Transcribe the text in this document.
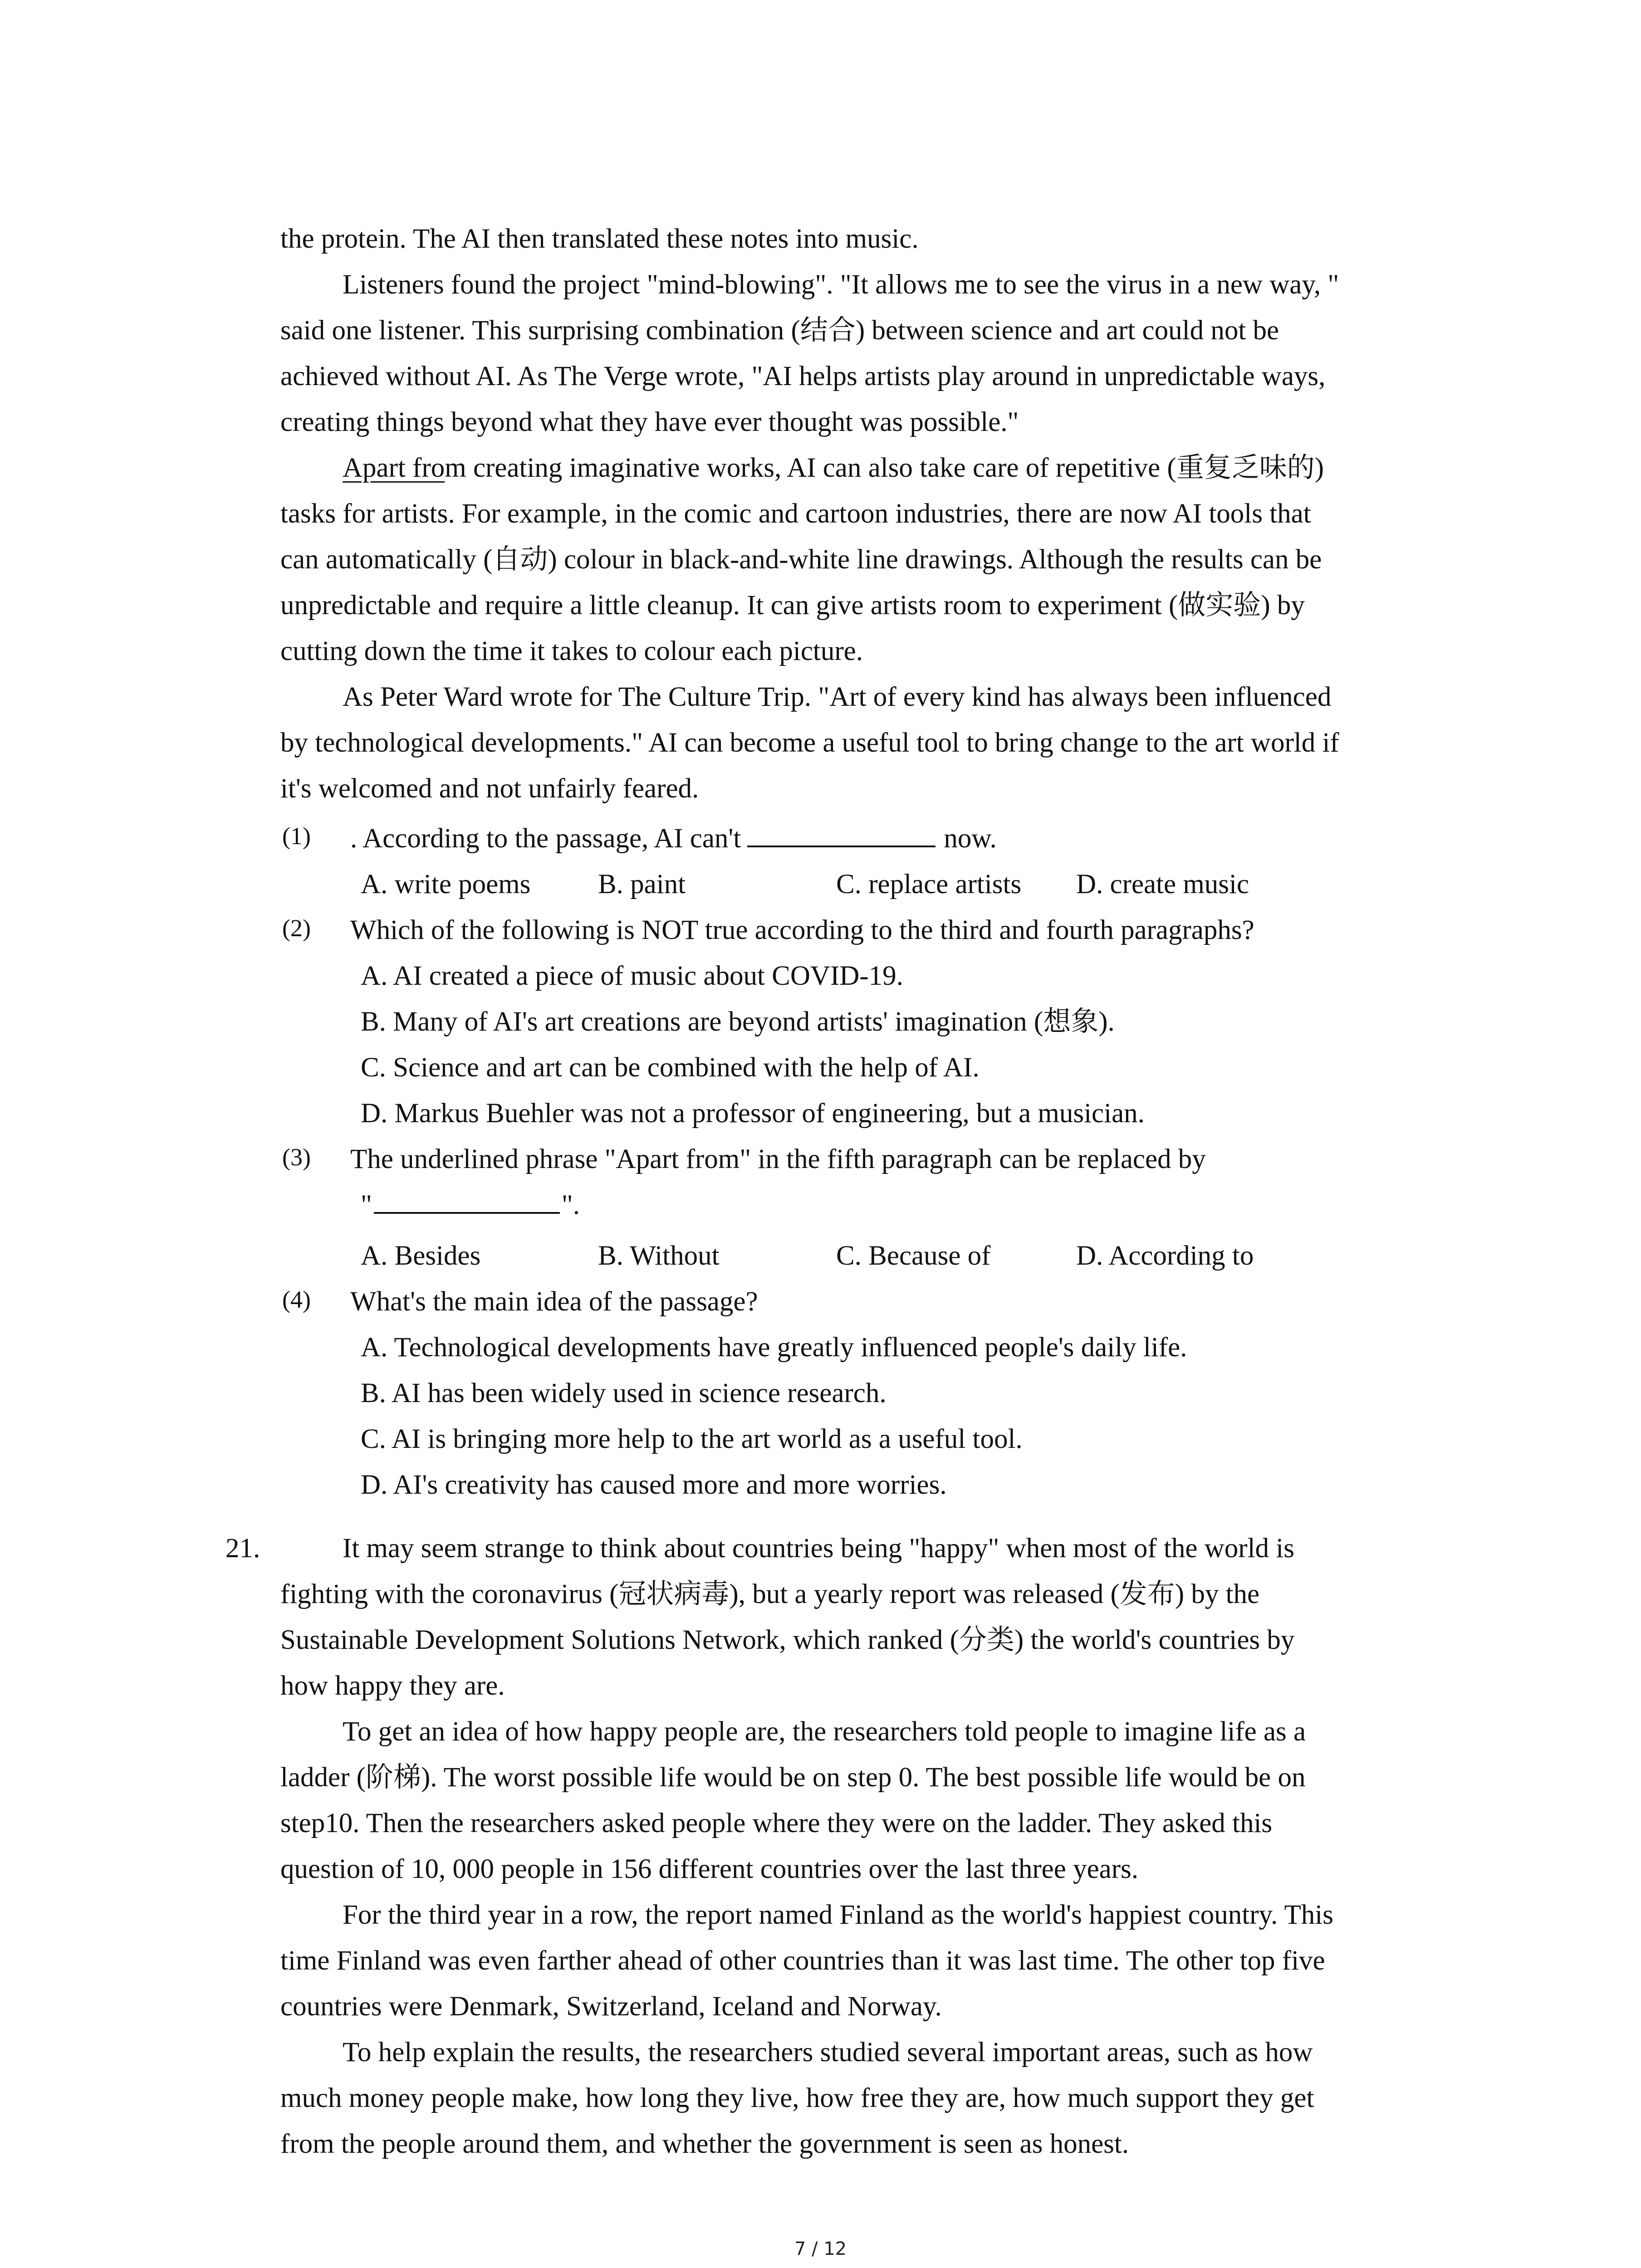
the protein. The AI then translated these notes into music.

Listeners found the project "mind-blowing". "It allows me to see the virus in a new way, "

said one listener. This surprising combination (结合) between science and art could not be

achieved without AI. As The Verge wrote, "AI helps artists play around in unpredictable ways,

creating things beyond what they have ever thought was possible."

Apart from creating imaginative works, AI can also take care of repetitive (重复乏味的)

tasks for artists. For example, in the comic and cartoon industries, there are now AI tools that

can automatically (自动) colour in black-and-white line drawings. Although the results can be

unpredictable and require a little cleanup. It can give artists room to experiment (做实验) by

cutting down the time it takes to colour each picture.

As Peter Ward wrote for The Culture Trip. "Art of every kind has always been influenced

by technological developments." AI can become a useful tool to bring change to the art world if

it's welcomed and not unfairly feared.

(1) . According to the passage, AI can't	now.
A. write poems B. paint	C. replace artists D. create music
(2) Which of the following is NOT true according to the third and fourth paragraphs?
A. AI created a piece of music about COVID-19.
B. Many of AI's art creations are beyond artists' imagination (想象).
C. Science and art can be combined with the help of AI.
D. Markus Buehler was not a professor of engineering, but a musician.
(3) The underlined phrase "Apart from" in the fifth paragraph can be replaced by
"	".
A. Besides	B. Without	C. Because of	D. According to
(4) What's the main idea of the passage?
A. Technological developments have greatly influenced people's daily life.
B. AI has been widely used in science research.
C. AI is bringing more help to the art world as a useful tool.
D. AI's creativity has caused more and more worries.
21.	It may seem strange to think about countries being "happy" when most of the world is

fighting with the coronavirus (冠状病毒), but a yearly report was released (发布) by the

Sustainable Development Solutions Network, which ranked (分类) the world's countries by

how happy they are.

To get an idea of how happy people are, the researchers told people to imagine life as a

ladder (阶梯). The worst possible life would be on step 0. The best possible life would be on

step10. Then the researchers asked people where they were on the ladder. They asked this

question of 10, 000 people in 156 different countries over the last three years.

For the third year in a row, the report named Finland as the world's happiest country. This

time Finland was even farther ahead of other countries than it was last time. The other top five

countries were Denmark, Switzerland, Iceland and Norway.

To help explain the results, the researchers studied several important areas, such as how

much money people make, how long they live, how free they are, how much support they get

from the people around them, and whether the government is seen as honest.

7 / 12
